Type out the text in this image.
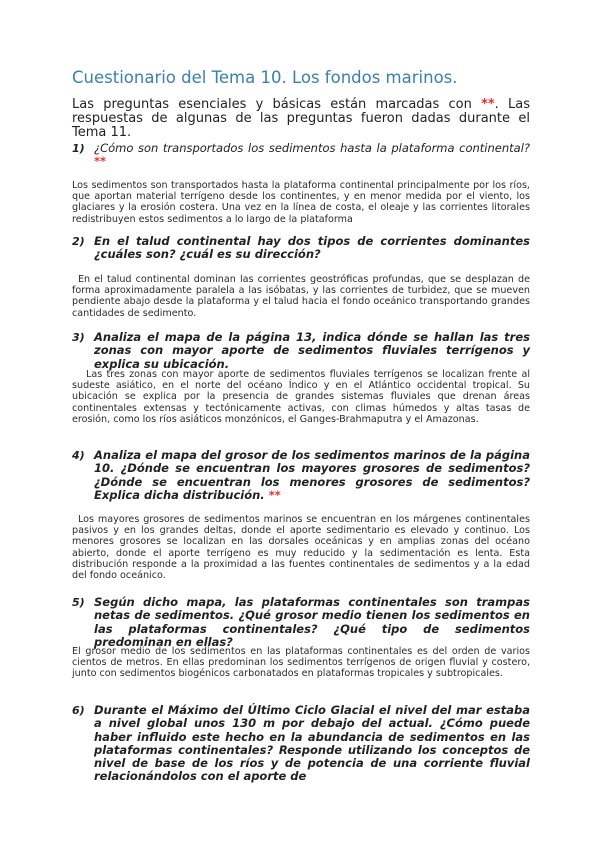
Cuestionario del Tema 10. Los fondos marinos.

Las preguntas esenciales y básicas están marcadas con **. Las respuestas de algunas de las preguntas fueron dadas durante el Tema 11.

1) ¿Cómo son transportados los sedimentos hasta la plataforma continental? **

Los sedimentos son transportados hasta la plataforma continental principalmente por los ríos, que aportan material terrígeno desde los continentes, y en menor medida por el viento, los glaciares y la erosión costera. Una vez en la línea de costa, el oleaje y las corrientes litorales redistribuyen estos sedimentos a lo largo de la plataforma

2) En el talud continental hay dos tipos de corrientes dominantes ¿cuáles son? ¿cuál es su dirección?

En el talud continental dominan las corrientes geostróficas profundas, que se desplazan de forma aproximadamente paralela a las isóbatas, y las corrientes de turbidez, que se mueven pendiente abajo desde la plataforma y el talud hacia el fondo oceánico transportando grandes cantidades de sedimento.

3) Analiza el mapa de la página 13, indica dónde se hallan las tres zonas con mayor aporte de sedimentos fluviales terrígenos y explica su ubicación.

Las tres zonas con mayor aporte de sedimentos fluviales terrígenos se localizan frente al sudeste asiático, en el norte del océano Índico y en el Atlántico occidental tropical. Su ubicación se explica por la presencia de grandes sistemas fluviales que drenan áreas continentales extensas y tectónicamente activas, con climas húmedos y altas tasas de erosión, como los ríos asiáticos monzónicos, el Ganges-Brahmaputra y el Amazonas.

4) Analiza el mapa del grosor de los sedimentos marinos de la página 10. ¿Dónde se encuentran los mayores grosores de sedimentos? ¿Dónde se encuentran los menores grosores de sedimentos? Explica dicha distribución. **

Los mayores grosores de sedimentos marinos se encuentran en los márgenes continentales pasivos y en los grandes deltas, donde el aporte sedimentario es elevado y continuo. Los menores grosores se localizan en las dorsales oceánicas y en amplias zonas del océano abierto, donde el aporte terrígeno es muy reducido y la sedimentación es lenta. Esta distribución responde a la proximidad a las fuentes continentales de sedimentos y a la edad del fondo oceánico.

5) Según dicho mapa, las plataformas continentales son trampas netas de sedimentos. ¿Qué grosor medio tienen los sedimentos en las plataformas continentales? ¿Qué tipo de sedimentos predominan en ellas?

El grosor medio de los sedimentos en las plataformas continentales es del orden de varios cientos de metros. En ellas predominan los sedimentos terrígenos de origen fluvial y costero, junto con sedimentos biogénicos carbonatados en plataformas tropicales y subtropicales.

6) Durante el Máximo del Último Ciclo Glacial el nivel del mar estaba a nivel global unos 130 m por debajo del actual. ¿Cómo puede haber influido este hecho en la abundancia de sedimentos en las plataformas continentales? Responde utilizando los conceptos de nivel de base de los ríos y de potencia de una corriente fluvial relacionándolos con el aporte de
